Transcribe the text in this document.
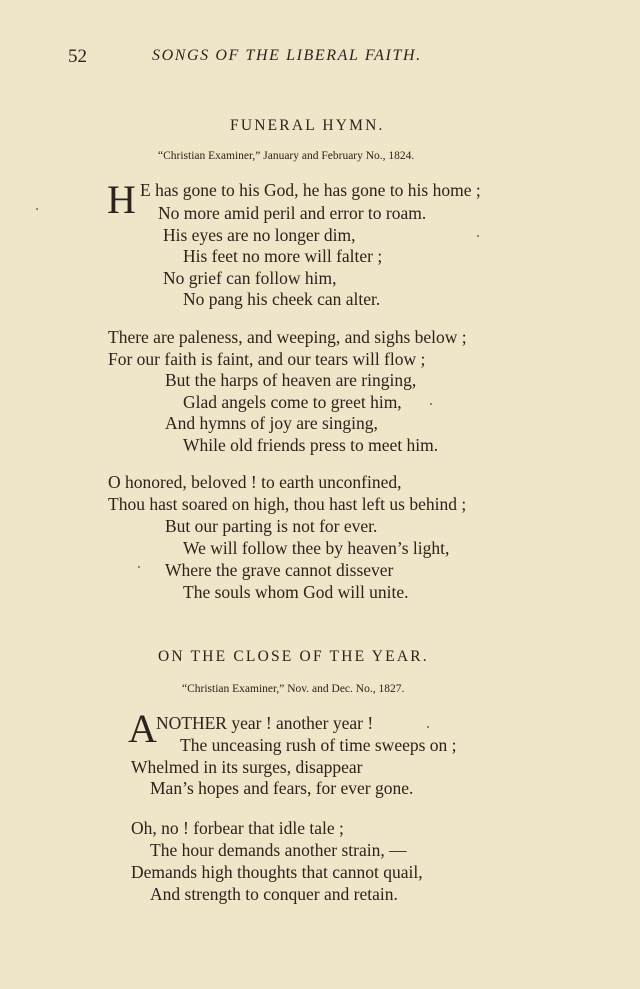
52	SONGS OF THE LIBERAL FAITH.
FUNERAL HYMN.
“Christian Examiner,” January and February No., 1824.
H E has gone to his God, he has gone to his home ;
No more amid peril and error to roam.
His eyes are no longer dim,
His feet no more will falter ;
No grief can follow him,
No pang his cheek can alter.
There are paleness, and weeping, and sighs below ;
For our faith is faint, and our tears will flow ;
But the harps of heaven are ringing,
Glad angels come to greet him,
And hymns of joy are singing,
While old friends press to meet him.
O honored, beloved ! to earth unconfined,
Thou hast soared on high, thou hast left us behind ;
But our parting is not for ever.
We will follow thee by heaven’s light,
Where the grave cannot dissever
The souls whom God will unite.
ON THE CLOSE OF THE YEAR.
“Christian Examiner,” Nov. and Dec. No., 1827.
A NOTHER year ! another year !
The unceasing rush of time sweeps on ;
Whelmed in its surges, disappear
Man’s hopes and fears, for ever gone.
Oh, no ! forbear that idle tale ;
The hour demands another strain, —
Demands high thoughts that cannot quail,
And strength to conquer and retain.
